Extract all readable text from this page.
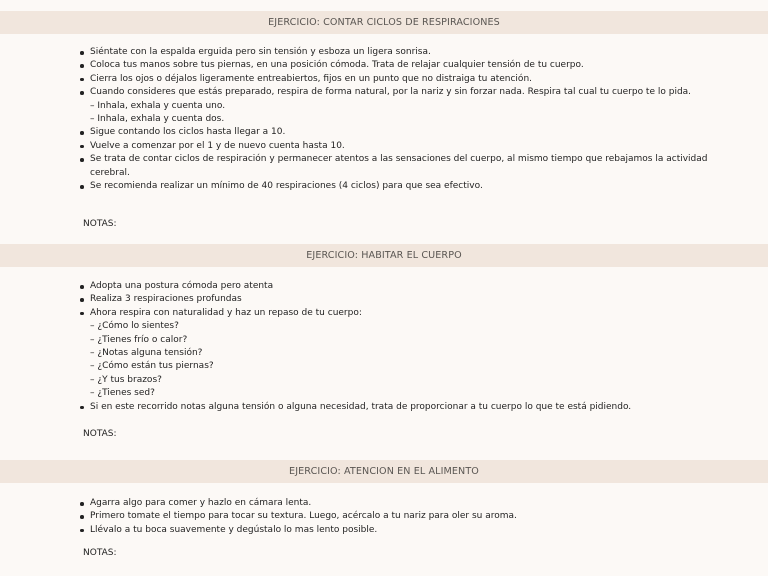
EJERCICIO: CONTAR CICLOS DE RESPIRACIONES
Siéntate con la espalda erguida pero sin tensión y esboza un ligera sonrisa.
Coloca tus manos sobre tus piernas, en una posición cómoda. Trata de relajar cualquier tensión de tu cuerpo.
Cierra los ojos o déjalos ligeramente entreabiertos, fijos en un punto que no distraiga tu atención.
Cuando consideres que estás preparado, respira de forma natural, por la nariz y sin forzar nada. Respira tal cual tu cuerpo te lo pida.
– Inhala, exhala y cuenta uno.
– Inhala, exhala y cuenta dos.
Sigue contando los ciclos hasta llegar a 10.
Vuelve a comenzar por el 1 y de nuevo cuenta hasta 10.
Se trata de contar ciclos de respiración y permanecer atentos a las sensaciones del cuerpo, al mismo tiempo que rebajamos la actividad cerebral.
Se recomienda realizar un mínimo de 40 respiraciones (4 ciclos) para que sea efectivo.
NOTAS:
EJERCICIO: HABITAR EL CUERPO
Adopta una postura cómoda pero atenta
Realiza 3 respiraciones profundas
Ahora respira con naturalidad y haz un repaso de tu cuerpo:
– ¿Cómo lo sientes?
– ¿Tienes frío o calor?
– ¿Notas alguna tensión?
– ¿Cómo están tus piernas?
– ¿Y tus brazos?
– ¿Tienes sed?
Si en este recorrido notas alguna tensión o alguna necesidad, trata de proporcionar a tu cuerpo lo que te está pidiendo.
NOTAS:
EJERCICIO: ATENCION EN EL ALIMENTO
Agarra algo para comer y hazlo en cámara lenta.
Primero tomate el tiempo para tocar su textura. Luego, acércalo a tu nariz para oler su aroma.
Llévalo a tu boca suavemente y degústalo lo mas lento posible.
NOTAS:
